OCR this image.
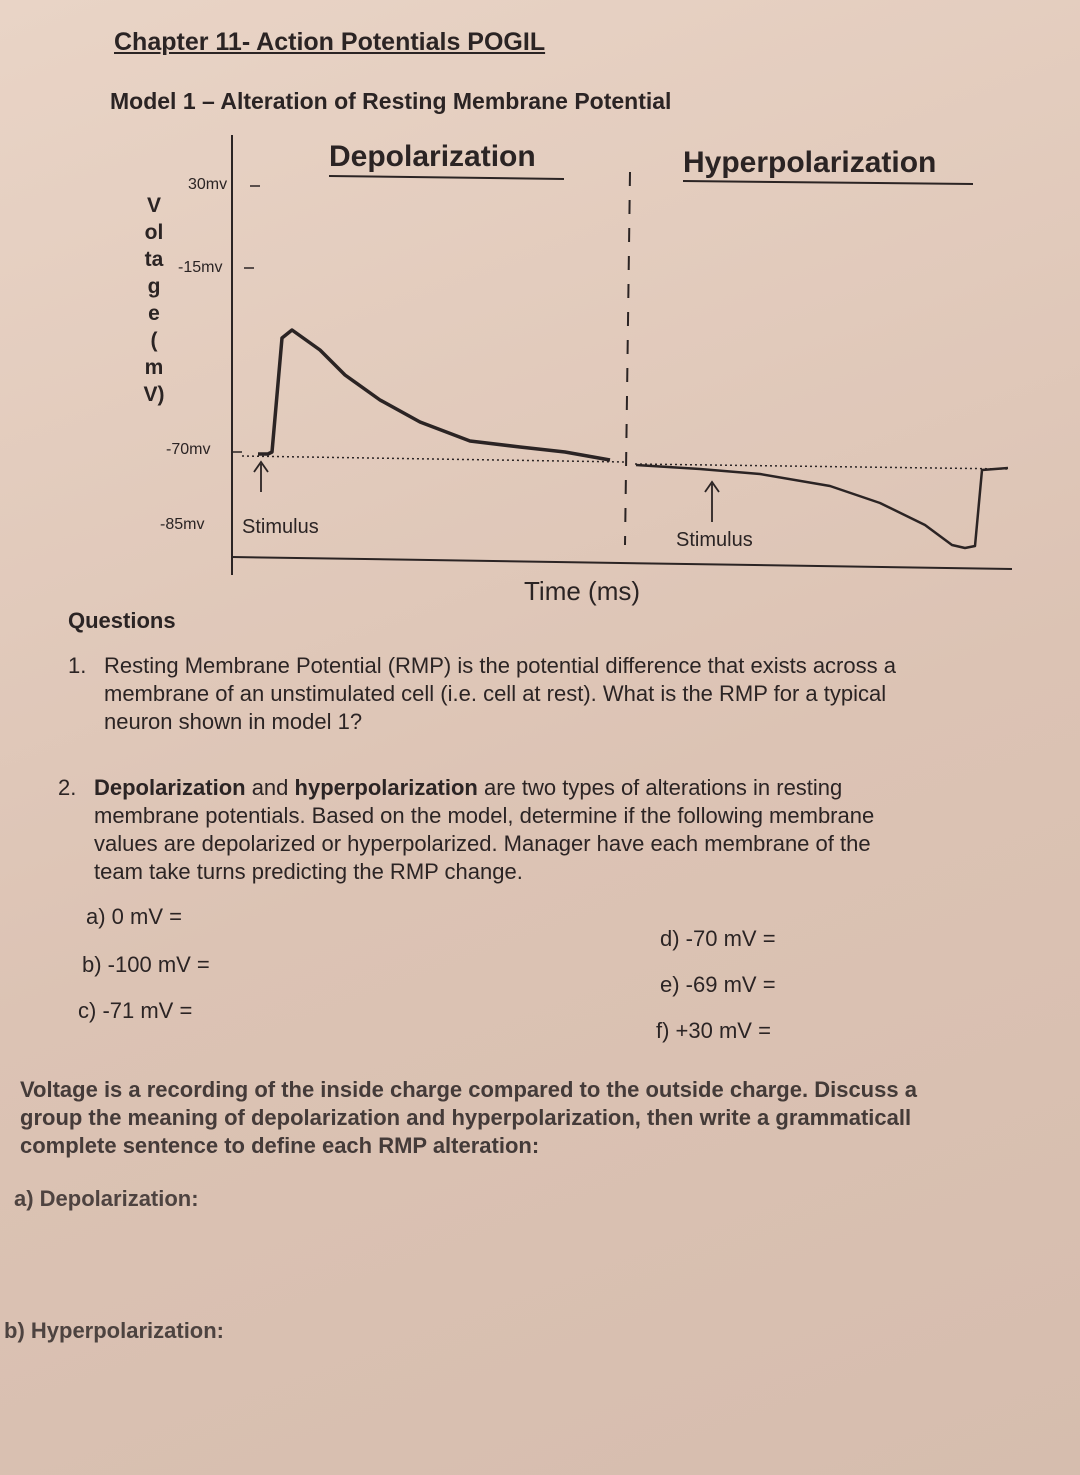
Chapter 11- Action Potentials POGIL
Model 1 – Alteration of Resting Membrane Potential
Depolarization	Hyperpolarization
V
ol
ta
g
e
(
m
V)
30mv
-15mv
-70mv
-85mv Stimulus
Stimulus
Time (ms)
Questions
1. Resting Membrane Potential (RMP) is the potential difference that exists across a
membrane of an unstimulated cell (i.e. cell at rest). What is the RMP for a typical
neuron shown in model 1?
2. Depolarization and hyperpolarization are two types of alterations in resting
membrane potentials. Based on the model, determine if the following membrane
values are depolarized or hyperpolarized. Manager have each membrane of the
team take turns predicting the RMP change.
a) 0 mV =
b) -100 mV =
c) -71 mV =
d) -70 mV =
e) -69 mV =
f) +30 mV =
Voltage is a recording of the inside charge compared to the outside charge. Discuss a
group the meaning of depolarization and hyperpolarization, then write a grammaticall
complete sentence to define each RMP alteration:
a) Depolarization:
b) Hyperpolarization:
